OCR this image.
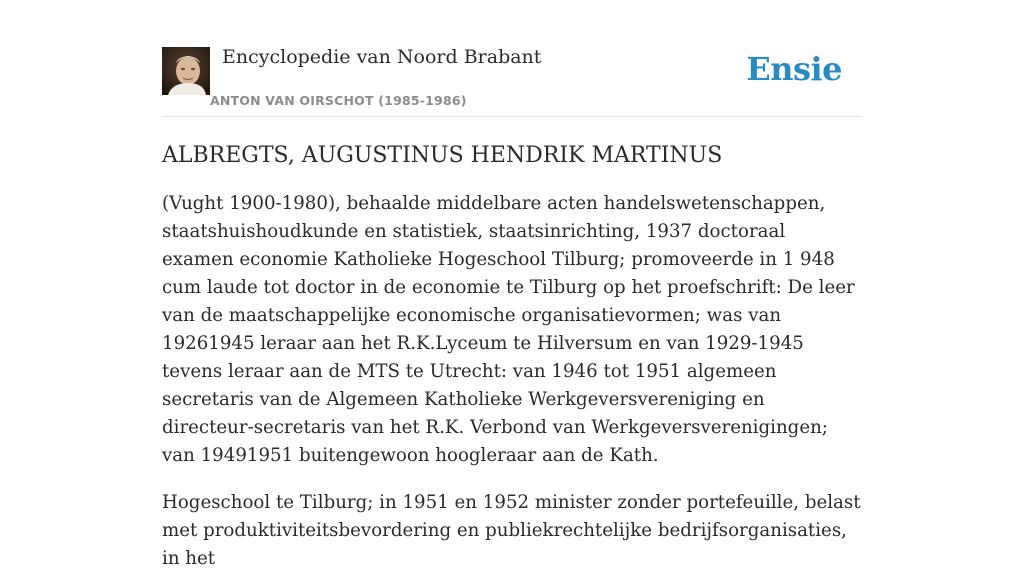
Encyclopedie van Noord Brabant
ANTON VAN OIRSCHOT (1985-1986)
Ensie
ALBREGTS, AUGUSTINUS HENDRIK MARTINUS

(Vught 1900-1980), behaalde middelbare acten handelswetenschappen, staatshuishoudkunde en statistiek, staatsinrichting, 1937 doctoraal examen economie Katholieke Hogeschool Tilburg; promoveerde in 1 948 cum laude tot doctor in de economie te Tilburg op het proefschrift: De leer van de maatschappelijke economische organisatievormen; was van 19261945 leraar aan het R.K.Lyceum te Hilversum en van 1929-1945 tevens leraar aan de MTS te Utrecht: van 1946 tot 1951 algemeen secretaris van de Algemeen Katholieke Werkgeversvereniging en directeur-secretaris van het R.K. Verbond van Werkgeversverenigingen; van 19491951 buitengewoon hoogleraar aan de Kath.

Hogeschool te Tilburg; in 1951 en 1952 minister zonder portefeuille, belast met produktiviteitsbevordering en publiekrechtelijke bedrijfsorganisaties, in het
